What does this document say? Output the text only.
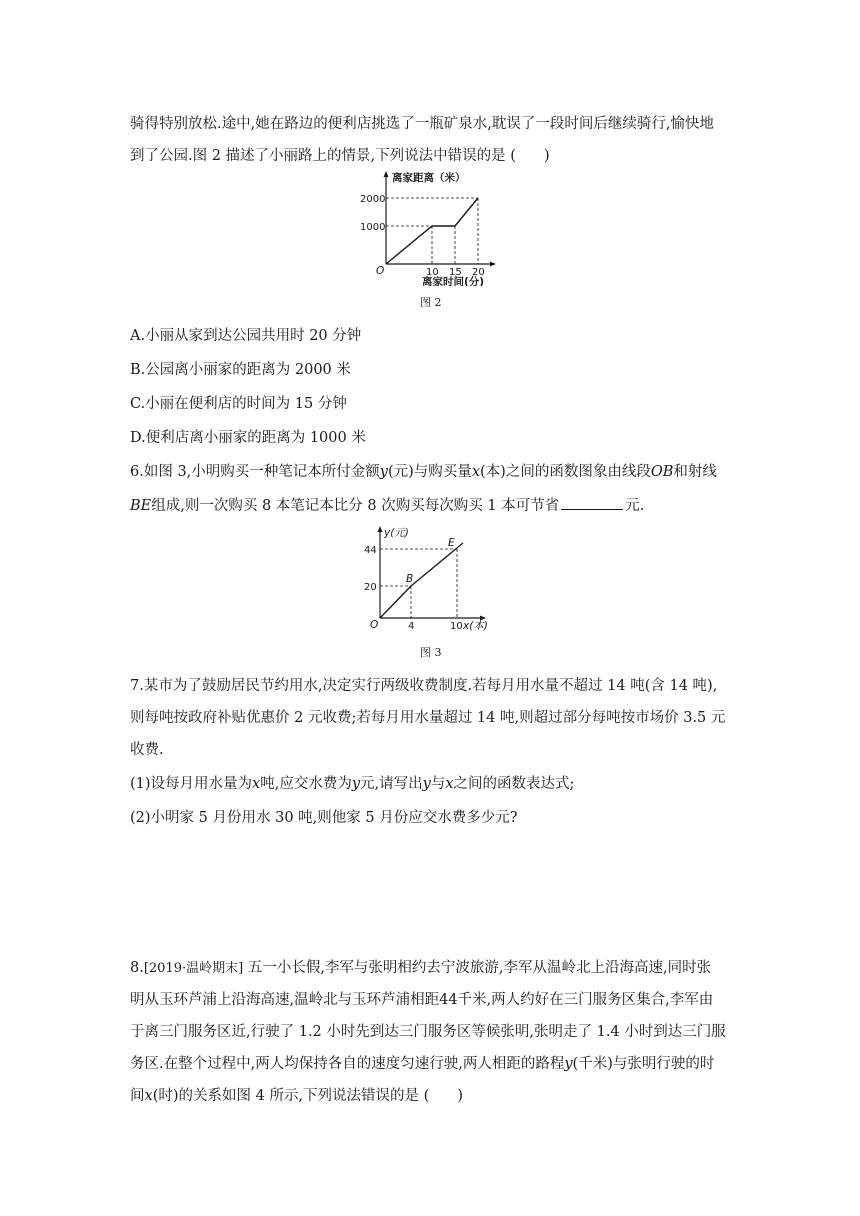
骑得特别放松.途中,她在路边的便利店挑选了一瓶矿泉水,耽误了一段时间后继续骑行,愉快地
到了公园.图 2 描述了小丽路上的情景,下列说法中错误的是 ( )
离家距离（米）
2000
1000
O	10 15 20
离家时间(分)
图 2
A.小丽从家到达公园共用时 20 分钟
B.公园离小丽家的距离为 2000 米
C.小丽在便利店的时间为 15 分钟
D.便利店离小丽家的距离为 1000 米
6.如图 3,小明购买一种笔记本所付金额y(元)与购买量x(本)之间的函数图象由线段OB和射线
BE组成,则一次购买 8 本笔记本比分 8 次购买每次购买 1 本可节省	元.
y(元)
44
20
B
E
O	4	10 x(本)
图 3
7.某市为了鼓励居民节约用水,决定实行两级收费制度.若每月用水量不超过 14 吨(含 14 吨),
则每吨按政府补贴优惠价 2 元收费;若每月用水量超过 14 吨,则超过部分每吨按市场价 3.5 元
收费.
(1)设每月用水量为x吨,应交水费为y元,请写出y与x之间的函数表达式;
(2)小明家 5 月份用水 30 吨,则他家 5 月份应交水费多少元?
8.[2019·温岭期末] 五一小长假,李军与张明相约去宁波旅游,李军从温岭北上沿海高速,同时张
明从玉环芦浦上沿海高速,温岭北与玉环芦浦相距44千米,两人约好在三门服务区集合,李军由
于离三门服务区近,行驶了 1.2 小时先到达三门服务区等候张明,张明走了 1.4 小时到达三门服
务区.在整个过程中,两人均保持各自的速度匀速行驶,两人相距的路程y(千米)与张明行驶的时
间x(时)的关系如图 4 所示,下列说法错误的是 ( )
